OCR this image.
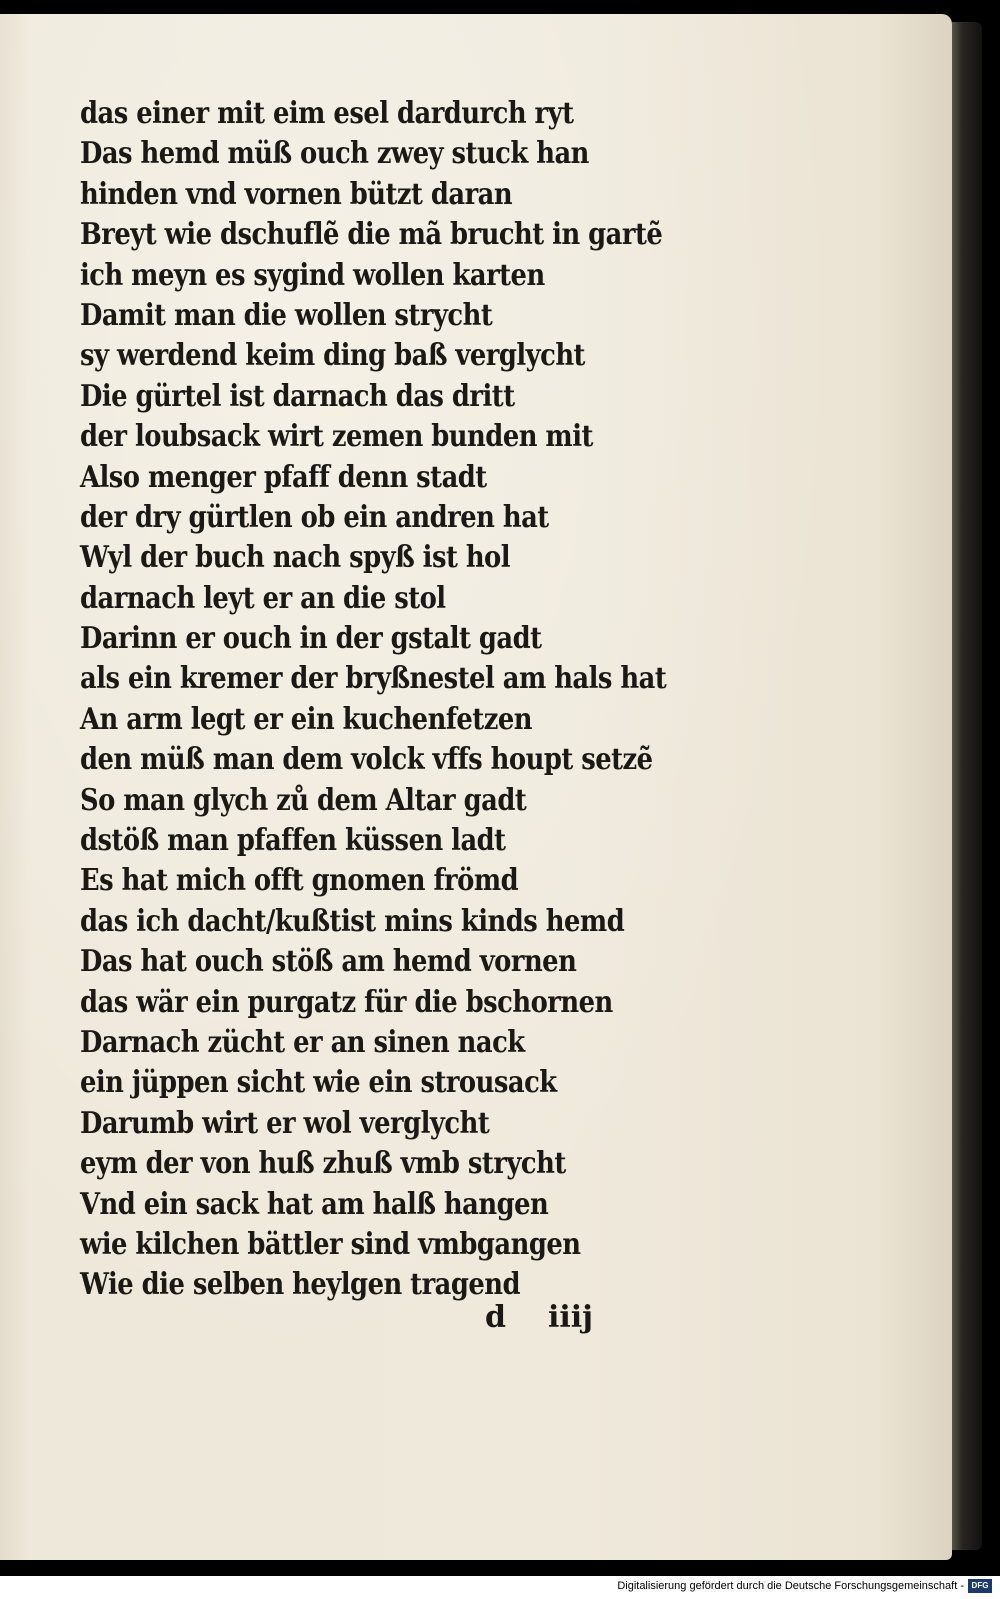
das einer mit eim esel dardurch ryt
Das hemd müß ouch zwey stuck han
hinden vnd vornen bützt daran
Breyt wie dschuflẽ die mã brucht in gartẽ
ich meyn es sygind wollen karten
Damit man die wollen strycht
sy werdend keim ding baß verglycht
Die gürtel ist darnach das dritt
der loubsack wirt zemen bunden mit
Also menger pfaff denn stadt
der dry gürtlen ob ein andren hat
Wyl der buch nach spyß ist hol
darnach leyt er an die stol
Darinn er ouch in der gstalt gadt
als ein kremer der bryßnestel am hals hat
An arm legt er ein kuchenfetzen
den müß man dem volck vffs houpt setzẽ
So man glych zů dem Altar gadt
dstöß man pfaffen küssen ladt
Es hat mich offt gnomen frömd
das ich dacht/kußtist mins kinds hemd
Das hat ouch stöß am hemd vornen
das wär ein purgatz für die bschornen
Darnach zücht er an sinen nack
ein jüppen sicht wie ein strousack
Darumb wirt er wol verglycht
eym der von huß zhuß vmb strycht
Vnd ein sack hat am halß hangen
wie kilchen bättler sind vmbgangen
Wie die selben heylgen tragend
d iiij
Digitalisierung gefördert durch die Deutsche Forschungsgemeinschaft - DFG
